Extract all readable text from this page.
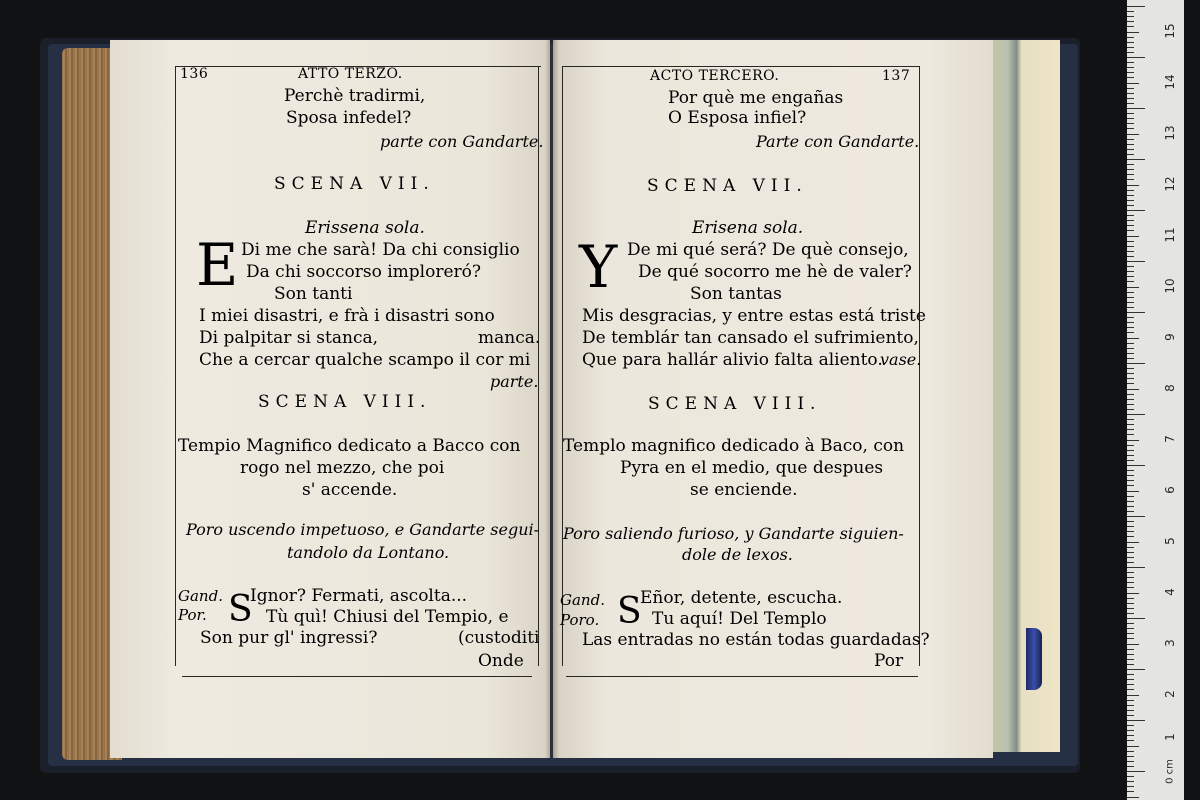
136	ATTO TERZO.
Perchè tradirmi,
Sposa infedel?
parte con Gandarte.
SCENA VII.
Erissena sola.
E Di me che sarà! Da chi consiglio
Da chi soccorso imploreró?
Son tanti
I miei disastri, e frà i disastri sono
Di palpitar si stanca,	manca.
Che a cercar qualche scampo il cor mi
parte.
SCENA VIII.
Tempio Magnifico dedicato a Bacco con
rogo nel mezzo, che poi
s' accende.
Poro uscendo impetuoso, e Gandarte segui-
tandolo da Lontano.
Gand.
Por. S
Ignor? Fermati, ascolta...
Tù quì! Chiusi del Tempio, e
Son pur gl' ingressi?	(custoditi
Onde
ACTO TERCERO.	137
Por què me engañas
O Esposa infiel?
Parte con Gandarte.
SCENA VII.
Erisena sola.
Y De mi qué será? De què consejo,
De qué socorro me hè de valer?
Son tantas
Mis desgracias, y entre estas está triste
De temblár tan cansado el sufrimiento,
Que para hallár alivio falta aliento.
vase.
SCENA VIII.
Templo magnifico dedicado à Baco, con
Pyra en el medio, que despues
se enciende.
Poro saliendo furioso, y Gandarte siguien-
dole de lexos.
Gand.
Poro. S
Eñor, detente, escucha.
Tu aquí! Del Templo
Las entradas no están todas guardadas?
Por
15
14
13
12
11
10
9
8
7
6
5
4
3
2
1
0 cm
